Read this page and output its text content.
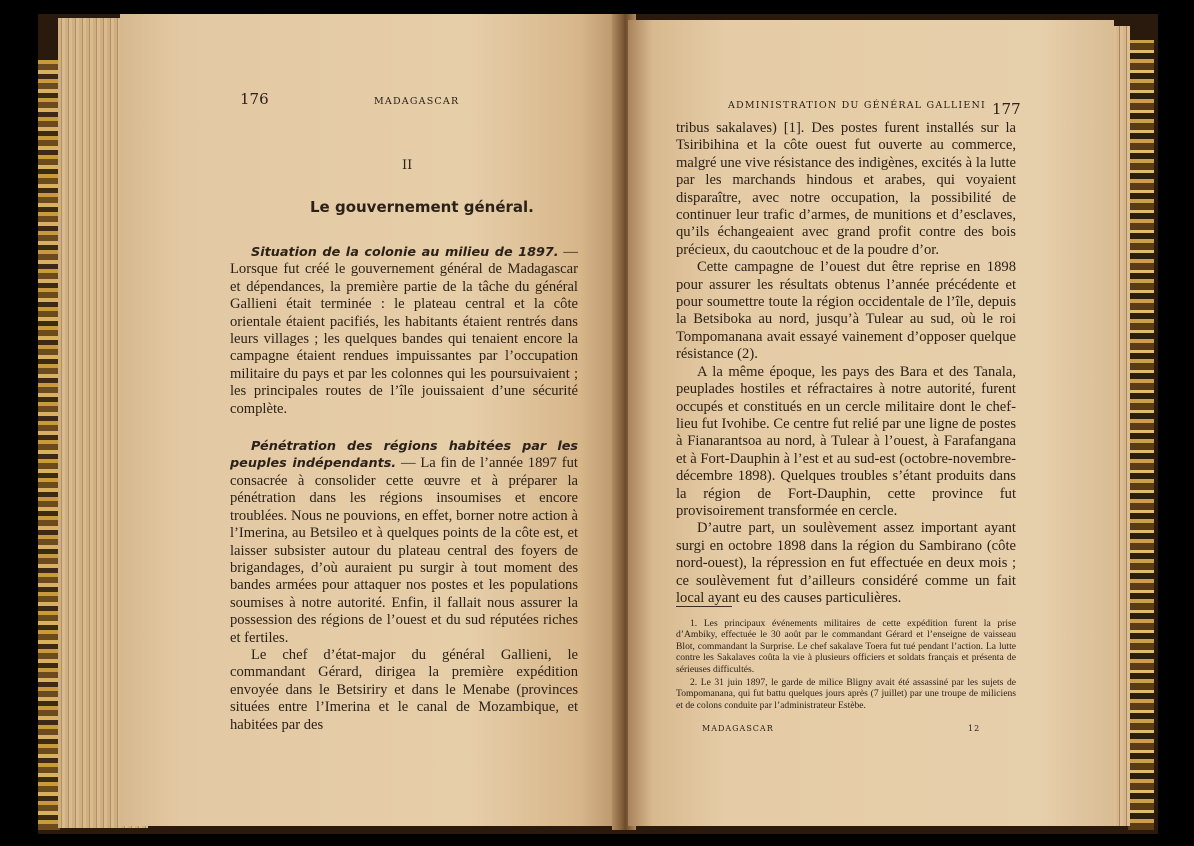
176	MADAGASCAR
II
Le gouvernement général.

Situation de la colonie au milieu de 1897. — Lorsque fut créé le gouvernement général de Madagascar et dépendances, la première partie de la tâche du général Gallieni était terminée : le plateau central et la côte orientale étaient pacifiés, les habitants étaient rentrés dans leurs villages ; les quelques bandes qui tenaient encore la campagne étaient rendues impuissantes par l’occupation militaire du pays et par les colonnes qui les poursuivaient ; les principales routes de l’île jouissaient d’une sécurité complète.

Pénétration des régions habitées par les peuples indépendants. — La fin de l’année 1897 fut consacrée à consolider cette œuvre et à préparer la pénétration dans les régions insoumises et encore troublées. Nous ne pouvions, en effet, borner notre action à l’Imerina, au Betsileo et à quelques points de la côte est, et laisser subsister autour du plateau central des foyers de brigandages, d’où auraient pu surgir à tout moment des bandes armées pour attaquer nos postes et les populations soumises à notre autorité. Enfin, il fallait nous assurer la possession des régions de l’ouest et du sud réputées riches et fertiles.

Le chef d’état-major du général Gallieni, le commandant Gérard, dirigea la première expédition envoyée dans le Betsiriry et dans le Menabe (provinces situées entre l’Imerina et le canal de Mozambique, et habitées par des

ADMINISTRATION DU GÉNÉRAL GALLIENI 177

tribus sakalaves) [1]. Des postes furent installés sur la Tsiribihina et la côte ouest fut ouverte au commerce, malgré une vive résistance des indigènes, excités à la lutte par les marchands hindous et arabes, qui voyaient disparaître, avec notre occupation, la possibilité de continuer leur trafic d’armes, de munitions et d’esclaves, qu’ils échangeaient avec grand profit contre des bois précieux, du caoutchouc et de la poudre d’or.

Cette campagne de l’ouest dut être reprise en 1898 pour assurer les résultats obtenus l’année précédente et pour soumettre toute la région occidentale de l’île, depuis la Betsiboka au nord, jusqu’à Tulear au sud, où le roi Tompomanana avait essayé vainement d’opposer quelque résistance (2).

A la même époque, les pays des Bara et des Tanala, peuplades hostiles et réfractaires à notre autorité, furent occupés et constitués en un cercle militaire dont le chef-lieu fut Ivohibe. Ce centre fut relié par une ligne de postes à Fianarantsoa au nord, à Tulear à l’ouest, à Farafangana et à Fort-Dauphin à l’est et au sud-est (octobre-novembre-décembre 1898). Quelques troubles s’étant produits dans la région de Fort-Dauphin, cette province fut provisoirement transformée en cercle.

D’autre part, un soulèvement assez important ayant surgi en octobre 1898 dans la région du Sambirano (côte nord-ouest), la répression en fut effectuée en deux mois ; ce soulèvement fut d’ailleurs considéré comme un fait local ayant eu des causes particulières.

1. Les principaux événements militaires de cette expédition furent la prise d’Ambiky, effectuée le 30 août par le commandant Gérard et l’enseigne de vaisseau Blot, commandant la Surprise. Le chef sakalave Toera fut tué pendant l’action. La lutte contre les Sakalaves coûta la vie à plusieurs officiers et soldats français et présenta de sérieuses difficultés.

2. Le 31 juin 1897, le garde de milice Bligny avait été assassiné par les sujets de Tompomanana, qui fut battu quelques jours après (7 juillet) par une troupe de miliciens et de colons conduite par l’administrateur Estèbe.

MADAGASCAR	12
